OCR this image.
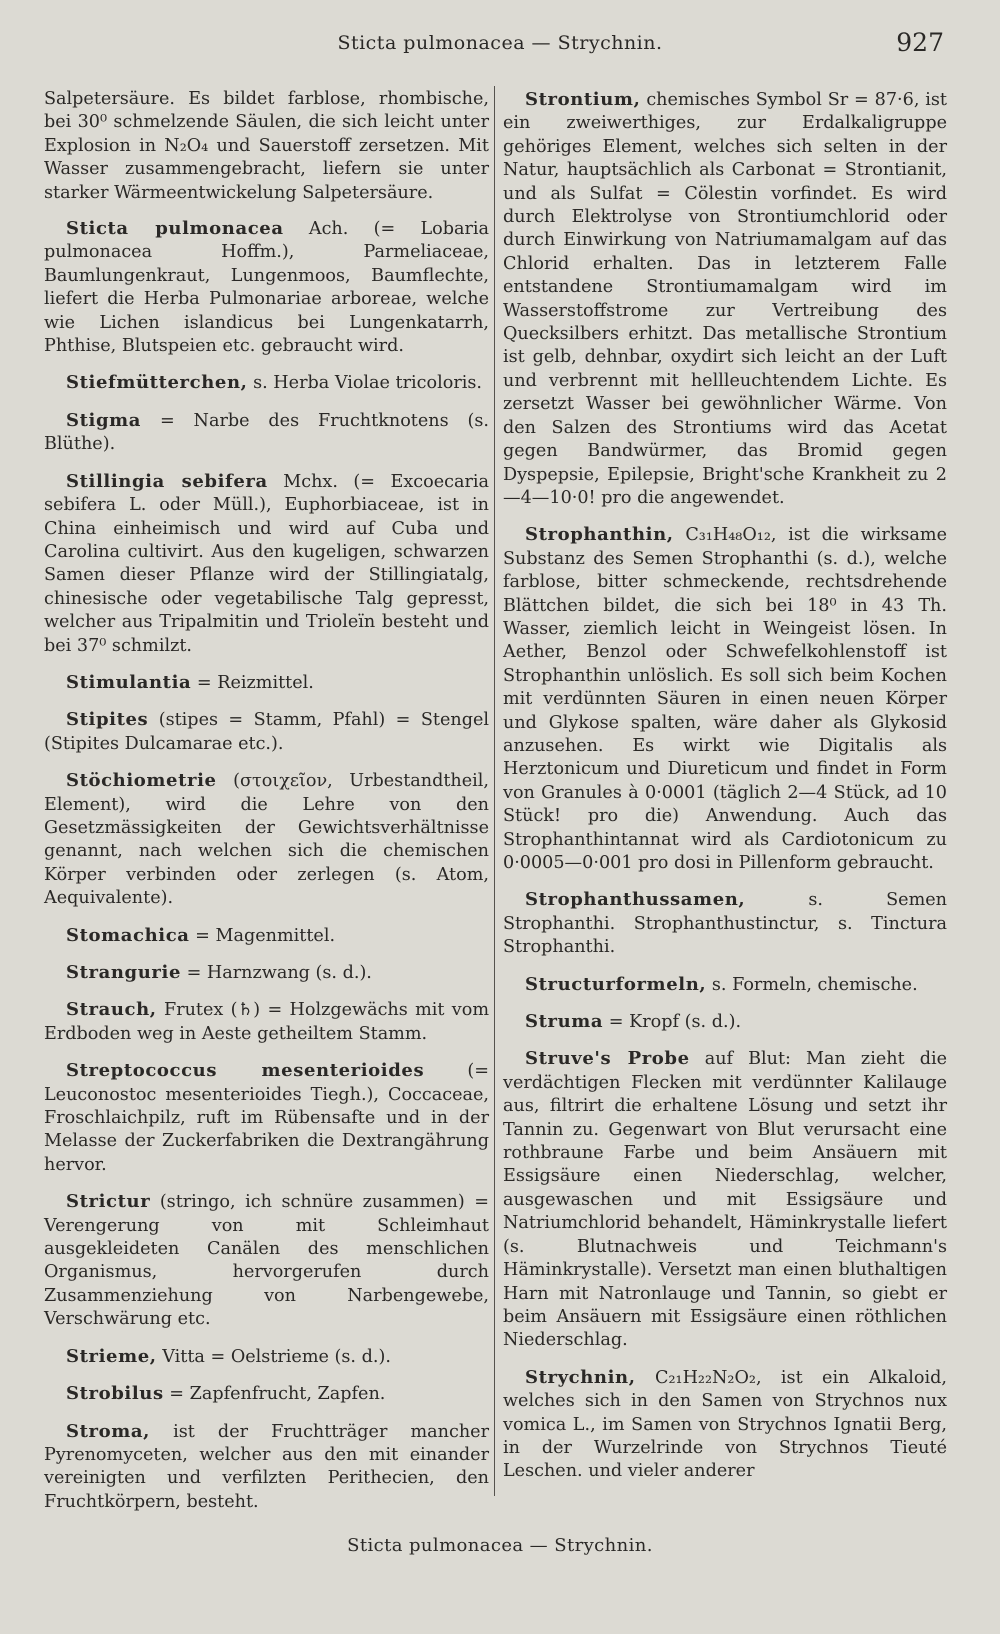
Sticta pulmonacea — Strychnin.	927

Salpetersäure. Es bildet farblose, rhombische, bei 30⁰ schmelzende Säulen, die sich leicht unter Explosion in N₂O₄ und Sauerstoff zersetzen. Mit Wasser zusammengebracht, liefern sie unter starker Wärmeentwickelung Salpetersäure.

Sticta pulmonacea Ach. (= Lobaria pulmonacea Hoffm.), Parmeliaceae, Baumlungenkraut, Lungenmoos, Baumflechte, liefert die Herba Pulmonariae arboreae, welche wie Lichen islandicus bei Lungenkatarrh, Phthise, Blutspeien etc. gebraucht wird.

Stiefmütterchen, s. Herba Violae tricoloris.

Stigma = Narbe des Fruchtknotens (s. Blüthe).

Stillingia sebifera Mchx. (= Excoecaria sebifera L. oder Müll.), Euphorbiaceae, ist in China einheimisch und wird auf Cuba und Carolina cultivirt. Aus den kugeligen, schwarzen Samen dieser Pflanze wird der Stillingiatalg, chinesische oder vegetabilische Talg gepresst, welcher aus Tripalmitin und Trioleïn besteht und bei 37⁰ schmilzt.

Stimulantia = Reizmittel.

Stipites (stipes = Stamm, Pfahl) = Stengel (Stipites Dulcamarae etc.).

Stöchiometrie (στοιχεῖον, Urbestandtheil, Element), wird die Lehre von den Gesetzmässigkeiten der Gewichtsverhältnisse genannt, nach welchen sich die chemischen Körper verbinden oder zerlegen (s. Atom, Aequivalente).

Stomachica = Magenmittel.

Strangurie = Harnzwang (s. d.).

Strauch, Frutex (♄) = Holzgewächs mit vom Erdboden weg in Aeste getheiltem Stamm.

Streptococcus mesenterioides (= Leuconostoc mesenterioides Tiegh.), Coccaceae, Froschlaichpilz, ruft im Rübensafte und in der Melasse der Zuckerfabriken die Dextrangährung hervor.

Strictur (stringo, ich schnüre zusammen) = Verengerung von mit Schleimhaut ausgekleideten Canälen des menschlichen Organismus, hervorgerufen durch Zusammenziehung von Narbengewebe, Verschwärung etc.

Strieme, Vitta = Oelstrieme (s. d.).

Strobilus = Zapfenfrucht, Zapfen.

Stroma, ist der Fruchtträger mancher Pyrenomyceten, welcher aus den mit einander vereinigten und verfilzten Perithecien, den Fruchtkörpern, besteht.

Strontium, chemisches Symbol Sr = 87·6, ist ein zweiwerthiges, zur Erdalkaligruppe gehöriges Element, welches sich selten in der Natur, hauptsächlich als Carbonat = Strontianit, und als Sulfat = Cölestin vorfindet. Es wird durch Elektrolyse von Strontiumchlorid oder durch Einwirkung von Natriumamalgam auf das Chlorid erhalten. Das in letzterem Falle entstandene Strontiumamalgam wird im Wasserstoffstrome zur Vertreibung des Quecksilbers erhitzt. Das metallische Strontium ist gelb, dehnbar, oxydirt sich leicht an der Luft und verbrennt mit hellleuchtendem Lichte. Es zersetzt Wasser bei gewöhnlicher Wärme. Von den Salzen des Strontiums wird das Acetat gegen Bandwürmer, das Bromid gegen Dyspepsie, Epilepsie, Bright'sche Krankheit zu 2—4—10·0! pro die angewendet.

Strophanthin, C₃₁H₄₈O₁₂, ist die wirksame Substanz des Semen Strophanthi (s. d.), welche farblose, bitter schmeckende, rechtsdrehende Blättchen bildet, die sich bei 18⁰ in 43 Th. Wasser, ziemlich leicht in Weingeist lösen. In Aether, Benzol oder Schwefelkohlenstoff ist Strophanthin unlöslich. Es soll sich beim Kochen mit verdünnten Säuren in einen neuen Körper und Glykose spalten, wäre daher als Glykosid anzusehen. Es wirkt wie Digitalis als Herztonicum und Diureticum und findet in Form von Granules à 0·0001 (täglich 2—4 Stück, ad 10 Stück! pro die) Anwendung. Auch das Strophanthintannat wird als Cardiotonicum zu 0·0005—0·001 pro dosi in Pillenform gebraucht.

Strophanthussamen,	s. Semen Strophanthi. Strophanthustinctur, s. Tinctura Strophanthi.

Structurformeln, s. Formeln, chemische.

Struma = Kropf (s. d.).

Struve's Probe auf Blut: Man zieht die verdächtigen Flecken mit verdünnter Kalilauge aus, filtrirt die erhaltene Lösung und setzt ihr Tannin zu. Gegenwart von Blut verursacht eine rothbraune Farbe und beim Ansäuern mit Essigsäure einen Niederschlag, welcher, ausgewaschen und mit Essigsäure und Natriumchlorid behandelt, Häminkrystalle liefert (s. Blutnachweis und Teichmann's Häminkrystalle). Versetzt man einen bluthaltigen Harn mit Natronlauge und Tannin, so giebt er beim Ansäuern mit Essigsäure einen röthlichen Niederschlag.

Strychnin, C₂₁H₂₂N₂O₂, ist ein Alkaloid, welches sich in den Samen von Strychnos nux vomica L., im Samen von Strychnos Ignatii Berg, in der Wurzelrinde von Strychnos Tieuté Leschen. und vieler anderer

Sticta pulmonacea — Strychnin.
